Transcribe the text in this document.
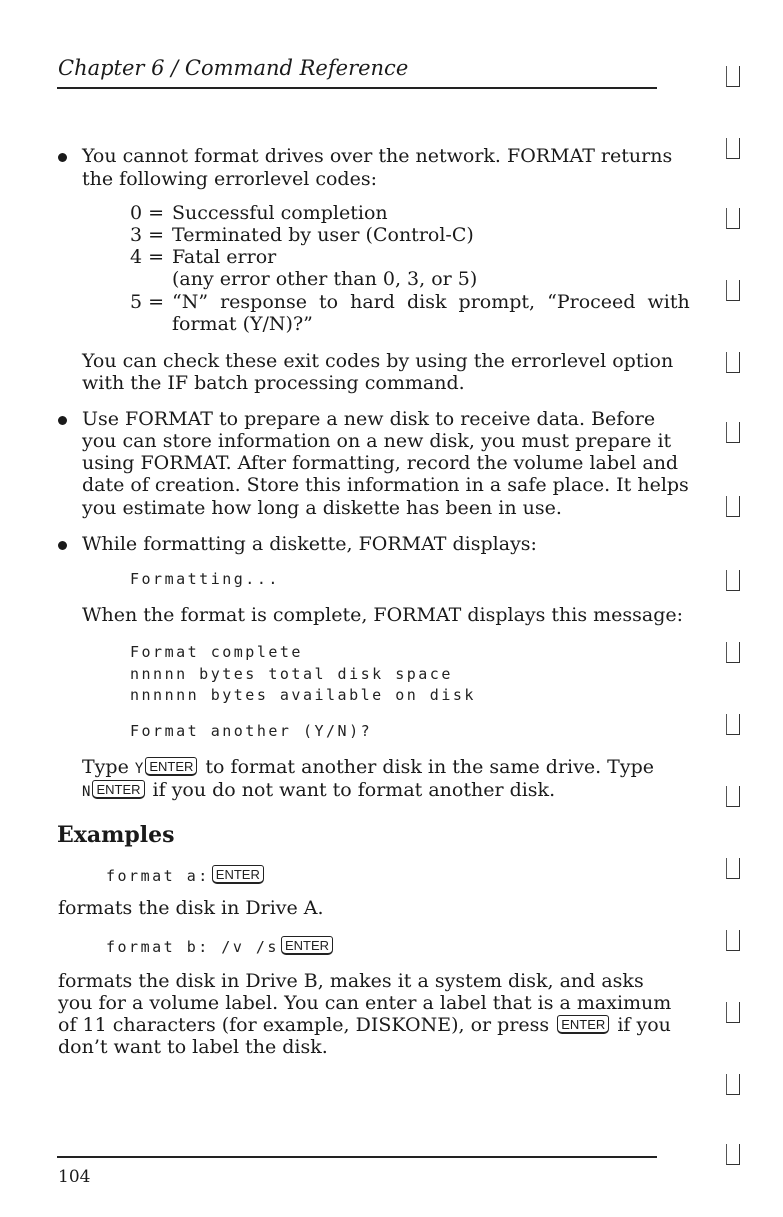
Chapter 6 / Command Reference
You cannot format drives over the network. FORMAT returns
the following errorlevel codes:
0 = Successful completion
3 = Terminated by user (Control-C)
4 = Fatal error
(any error other than 0, 3, or 5)
5 = “N” response to hard disk prompt, “Proceed with
format (Y/N)?”
You can check these exit codes by using the errorlevel option
with the IF batch processing command.
Use FORMAT to prepare a new disk to receive data. Before
you can store information on a new disk, you must prepare it
using FORMAT. After formatting, record the volume label and
date of creation. Store this information in a safe place. It helps
you estimate how long a diskette has been in use.
While formatting a diskette, FORMAT displays:
Formatting...
When the format is complete, FORMAT displays this message:
Format complete
nnnnn bytes total disk space
nnnnnn bytes available on disk
Format another (Y/N)?
Type Y ENTER to format another disk in the same drive. Type
N ENTER if you do not want to format another disk.
Examples
format a: ENTER
formats the disk in Drive A.
format b: /v /s ENTER
formats the disk in Drive B, makes it a system disk, and asks
you for a volume label. You can enter a label that is a maximum
of 11 characters (for example, DISKONE), or press ENTER if you
don’t want to label the disk.
104
